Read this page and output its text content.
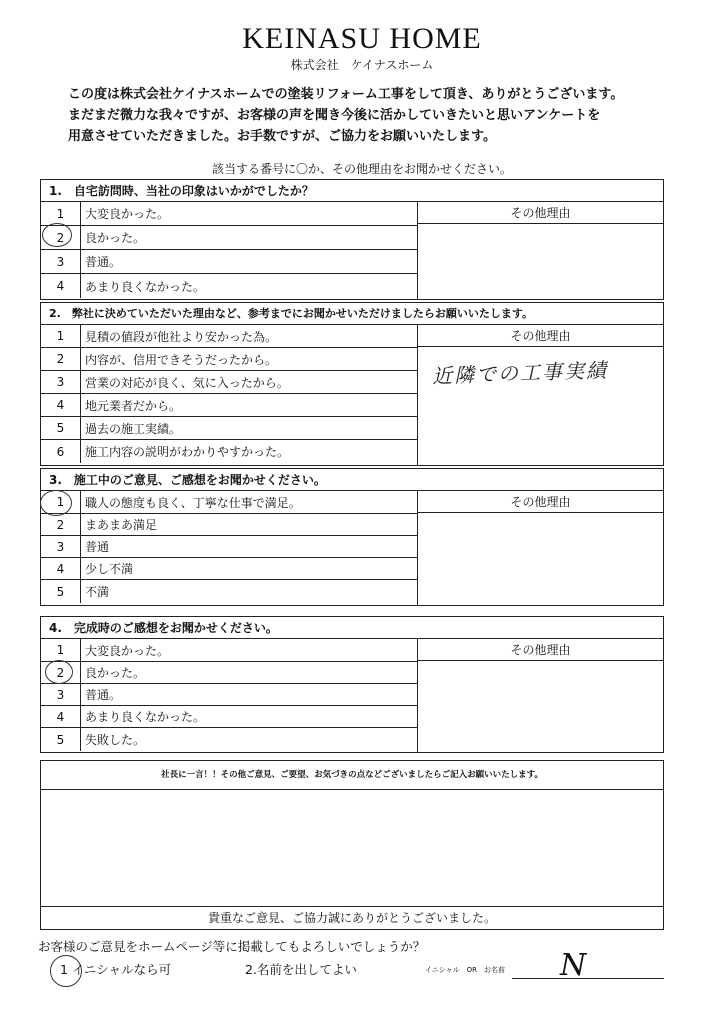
KEINASU HOME
株式会社　ケイナスホーム
この度は株式会社ケイナスホームでの塗装リフォーム工事をして頂き、ありがとうございます。
まだまだ微力な我々ですが、お客様の声を聞き今後に活かしていきたいと思いアンケートを
用意させていただきました。お手数ですが、ご協力をお願いいたします。
該当する番号に〇か、その他理由をお聞かせください。
1.　自宅訪問時、当社の印象はいかがでしたか？
1	大変良かった。
2	良かった。
3	普通。
4	あまり良くなかった。
その他理由
2.　弊社に決めていただいた理由など、参考までにお聞かせいただけましたらお願いいたします。
1	見積の値段が他社より安かった為。
2	内容が、信用できそうだったから。
3	営業の対応が良く、気に入ったから。
4	地元業者だから。
5	過去の施工実績。
6	施工内容の説明がわかりやすかった。
その他理由
近隣での工事実績
3.　施工中のご意見、ご感想をお聞かせください。
1	職人の態度も良く、丁寧な仕事で満足。
2	まあまあ満足
3	普通
4	少し不満
5	不満
その他理由
4.　完成時のご感想をお聞かせください。
1	大変良かった。
2	良かった。
3	普通。
4	あまり良くなかった。
5	失敗した。
その他理由
社長に一言！！その他ご意見、ご要望、お気づきの点などございましたらご記入お願いいたします。
貴重なご意見、ご協力誠にありがとうございました。
お客様のご意見をホームページ等に掲載してもよろしいでしょうか？
1 イニシャルなら可	2.名前を出してよい	イニシャル　OR　お名前 N
